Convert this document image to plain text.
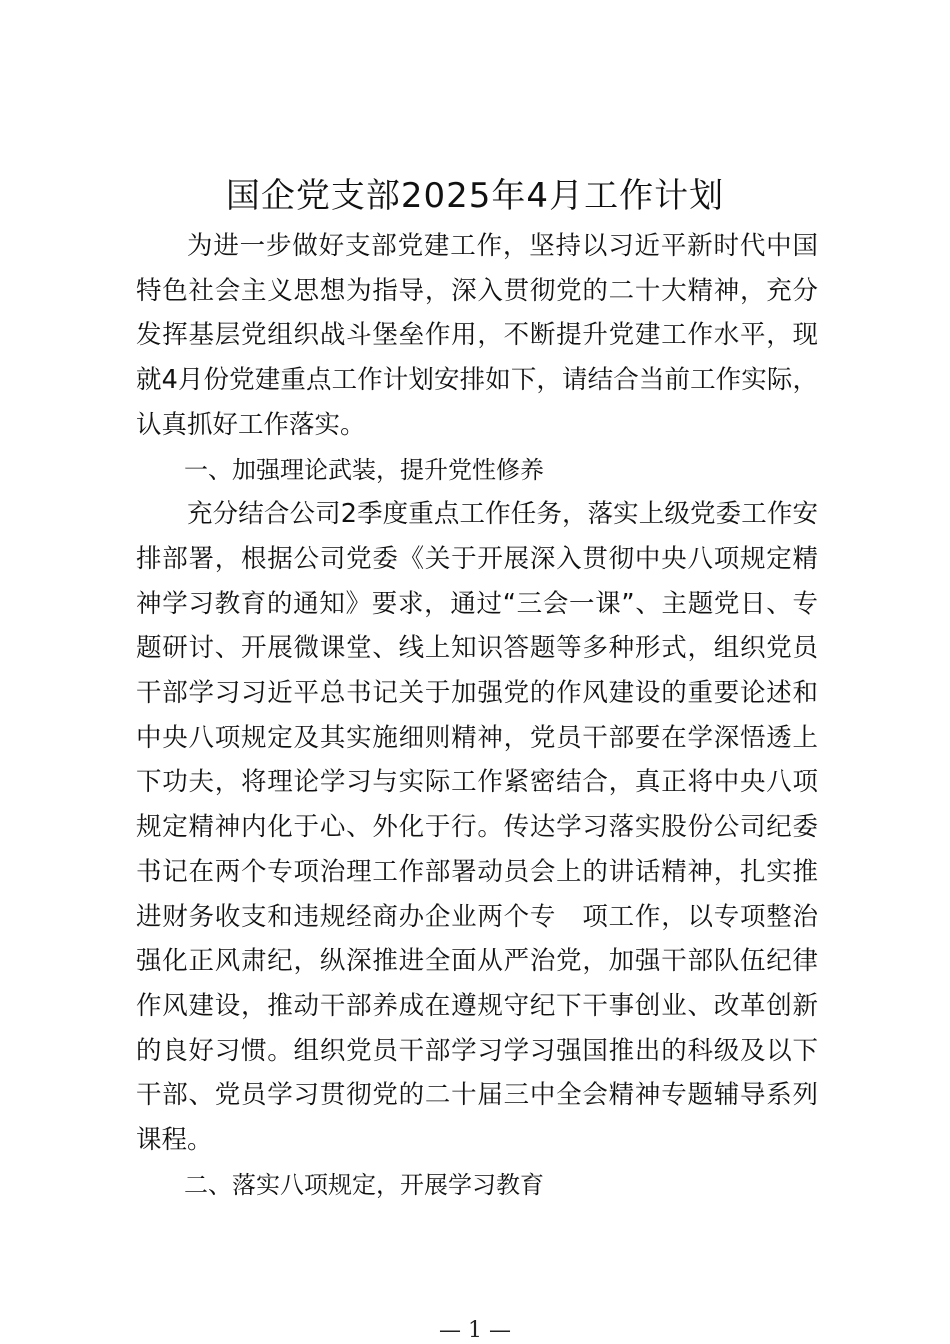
国企党支部2025年4月工作计划

为进一步做好支部党建工作，坚持以习近平新时代中国特色社会主义思想为指导，深入贯彻党的二十大精神，充分发挥基层党组织战斗堡垒作用，不断提升党建工作水平，现就4月份党建重点工作计划安排如下，请结合当前工作实际，认真抓好工作落实。

一、加强理论武装，提升党性修养

充分结合公司2季度重点工作任务，落实上级党委工作安排部署，根据公司党委《关于开展深入贯彻中央八项规定精神学习教育的通知》要求，通过“三会一课”、主题党日、专题研讨、开展微课堂、线上知识答题等多种形式，组织党员干部学习习近平总书记关于加强党的作风建设的重要论述和中央八项规定及其实施细则精神，党员干部要在学深悟透上下功夫，将理论学习与实际工作紧密结合，真正将中央八项规定精神内化于心、外化于行。传达学习落实股份公司纪委书记在两个专项治理工作部署动员会上的讲话精神，扎实推进财务收支和违规经商办企业两个专　项工作，以专项整治强化正风肃纪，纵深推进全面从严治党，加强干部队伍纪律作风建设，推动干部养成在遵规守纪下干事创业、改革创新的良好习惯。组织党员干部学习学习强国推出的科级及以下干部、党员学习贯彻党的二十届三中全会精神专题辅导系列课程。

二、落实八项规定，开展学习教育

— 1 —
